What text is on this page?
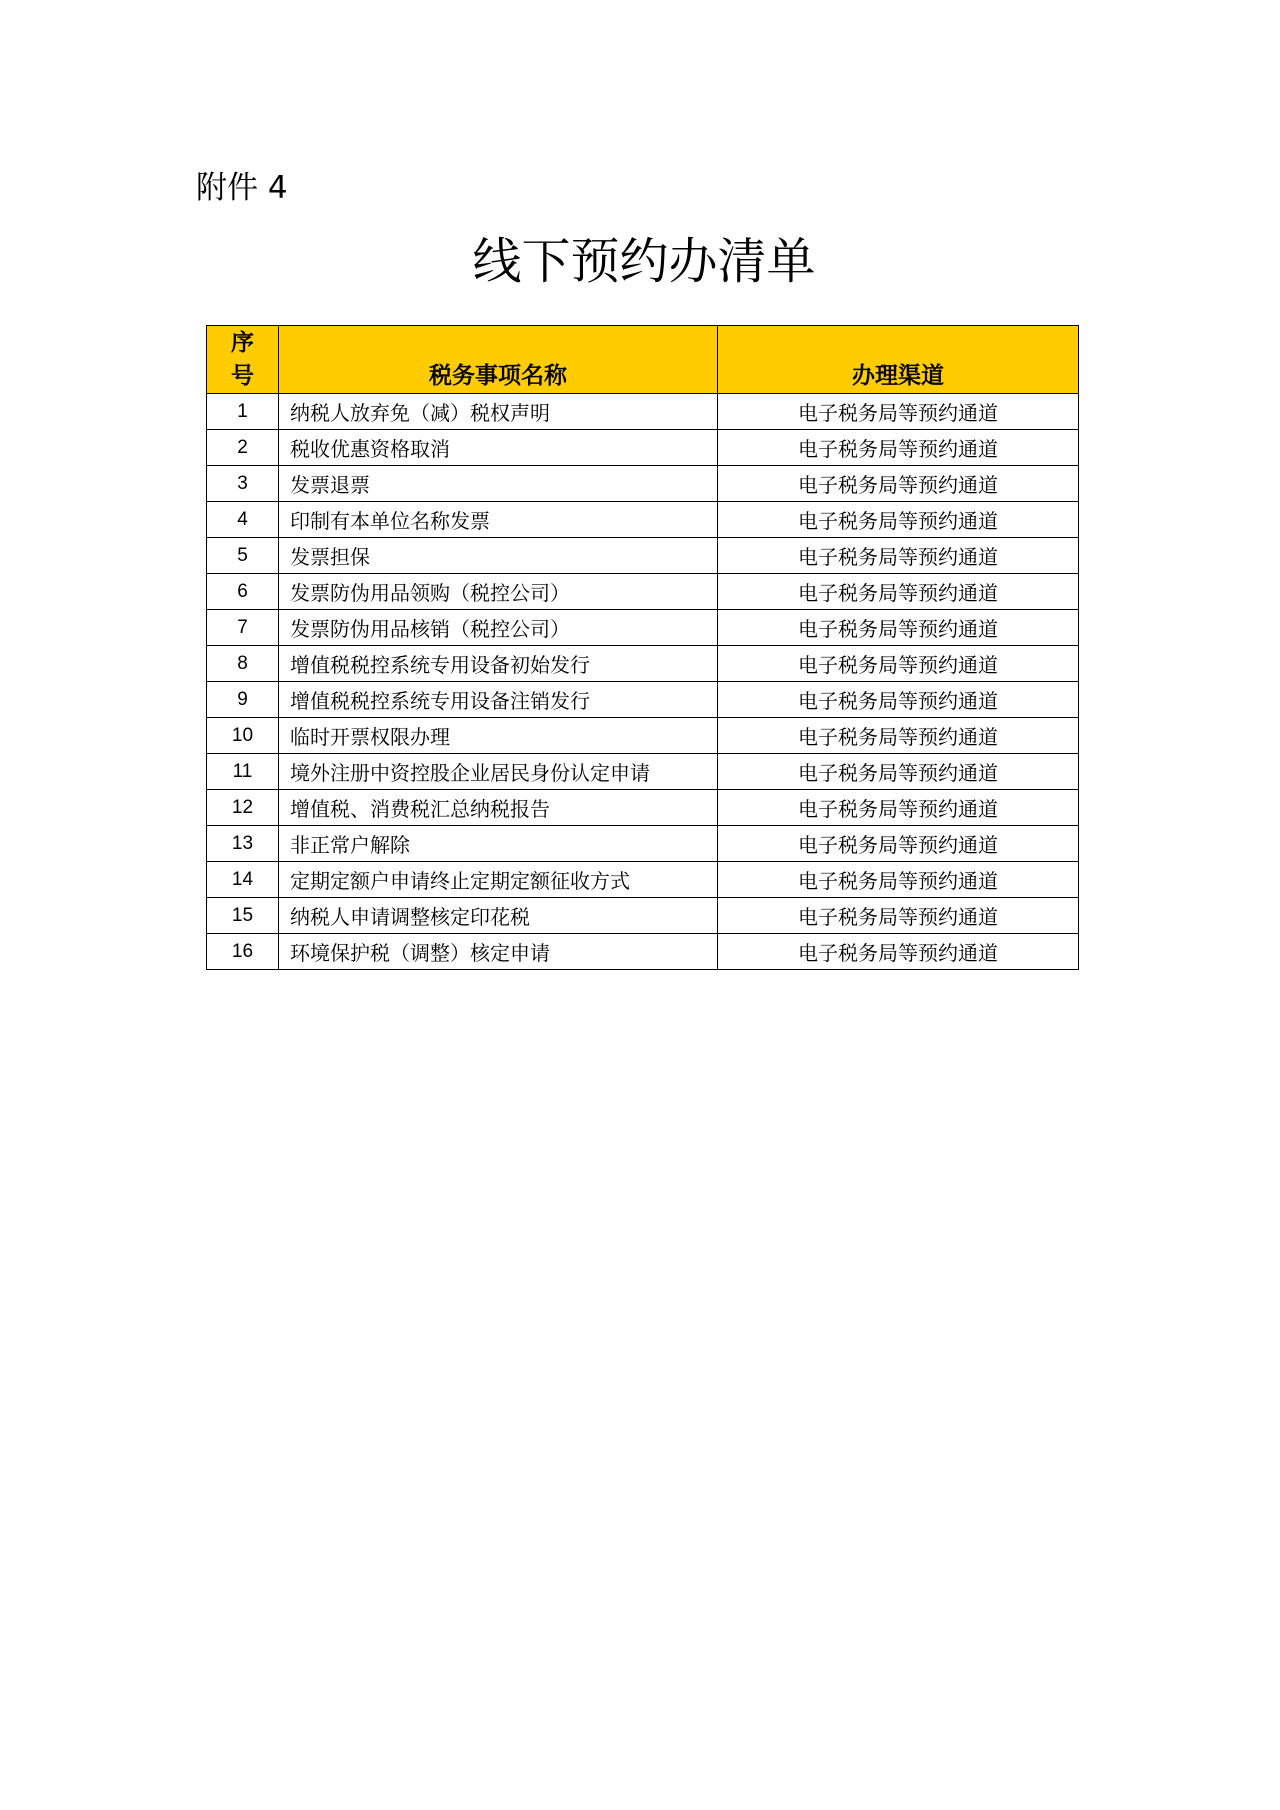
附件 4

线下预约办清单
序
号	税务事项名称	办理渠道
1	纳税人放弃免（减）税权声明	电子税务局等预约通道
2	税收优惠资格取消	电子税务局等预约通道
3	发票退票	电子税务局等预约通道
4	印制有本单位名称发票	电子税务局等预约通道
5	发票担保	电子税务局等预约通道
6	发票防伪用品领购（税控公司）	电子税务局等预约通道
7	发票防伪用品核销（税控公司）	电子税务局等预约通道
8	增值税税控系统专用设备初始发行	电子税务局等预约通道
9	增值税税控系统专用设备注销发行	电子税务局等预约通道
10	临时开票权限办理	电子税务局等预约通道
11	境外注册中资控股企业居民身份认定申请	电子税务局等预约通道
12	增值税、消费税汇总纳税报告	电子税务局等预约通道
13	非正常户解除	电子税务局等预约通道
14	定期定额户申请终止定期定额征收方式	电子税务局等预约通道
15	纳税人申请调整核定印花税	电子税务局等预约通道
16	环境保护税（调整）核定申请	电子税务局等预约通道
